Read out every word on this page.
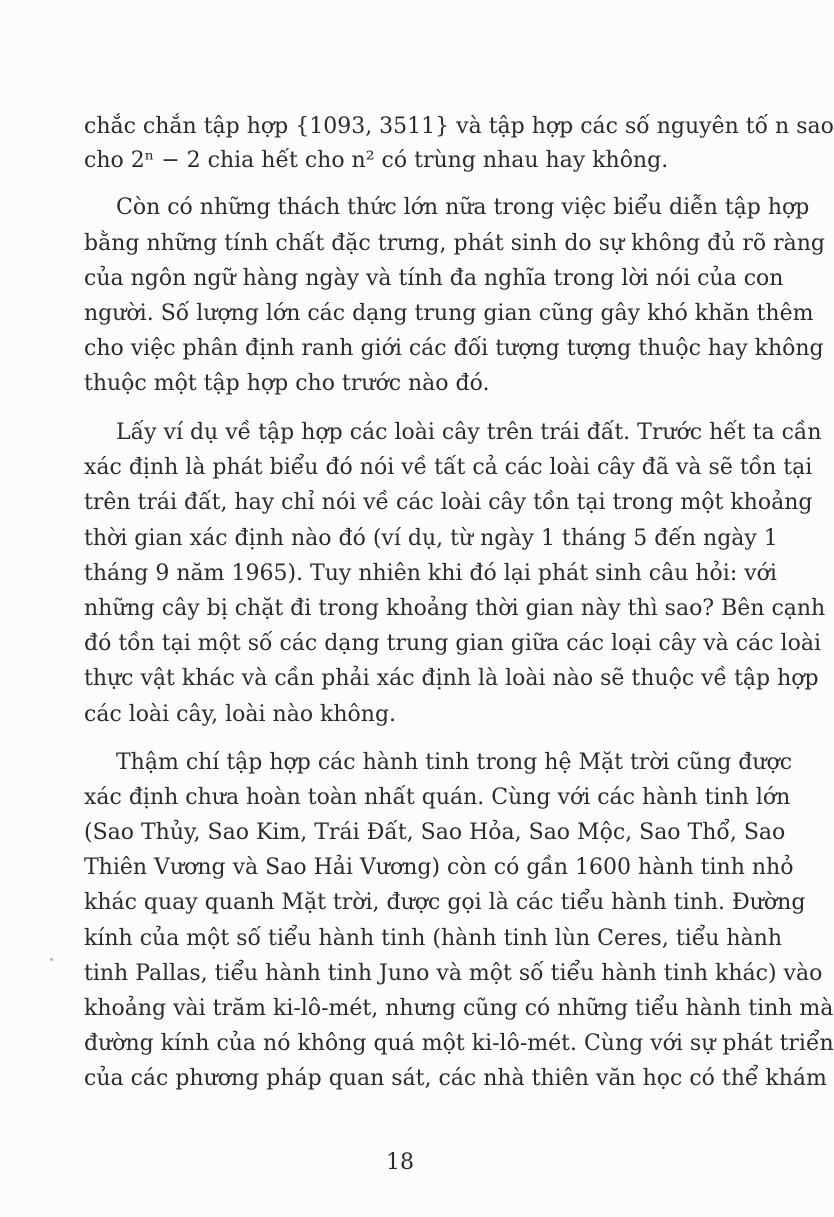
chắc chắn tập hợp {1093, 3511} và tập hợp các số nguyên tố n sao
cho 2ⁿ − 2 chia hết cho n² có trùng nhau hay không.
Còn có những thách thức lớn nữa trong việc biểu diễn tập hợp
bằng những tính chất đặc trưng, phát sinh do sự không đủ rõ ràng
của ngôn ngữ hàng ngày và tính đa nghĩa trong lời nói của con
người. Số lượng lớn các dạng trung gian cũng gây khó khăn thêm
cho việc phân định ranh giới các đối tượng tượng thuộc hay không
thuộc một tập hợp cho trước nào đó.
Lấy ví dụ về tập hợp các loài cây trên trái đất. Trước hết ta cần
xác định là phát biểu đó nói về tất cả các loài cây đã và sẽ tồn tại
trên trái đất, hay chỉ nói về các loài cây tồn tại trong một khoảng
thời gian xác định nào đó (ví dụ, từ ngày 1 tháng 5 đến ngày 1
tháng 9 năm 1965). Tuy nhiên khi đó lại phát sinh câu hỏi: với
những cây bị chặt đi trong khoảng thời gian này thì sao? Bên cạnh
đó tồn tại một số các dạng trung gian giữa các loại cây và các loài
thực vật khác và cần phải xác định là loài nào sẽ thuộc về tập hợp
các loài cây, loài nào không.
Thậm chí tập hợp các hành tinh trong hệ Mặt trời cũng được
xác định chưa hoàn toàn nhất quán. Cùng với các hành tinh lớn
(Sao Thủy, Sao Kim, Trái Đất, Sao Hỏa, Sao Mộc, Sao Thổ, Sao
Thiên Vương và Sao Hải Vương) còn có gần 1600 hành tinh nhỏ
khác quay quanh Mặt trời, được gọi là các tiểu hành tinh. Đường
kính của một số tiểu hành tinh (hành tinh lùn Ceres, tiểu hành
tinh Pallas, tiểu hành tinh Juno và một số tiểu hành tinh khác) vào
khoảng vài trăm ki-lô-mét, nhưng cũng có những tiểu hành tinh mà
đường kính của nó không quá một ki-lô-mét. Cùng với sự phát triển
của các phương pháp quan sát, các nhà thiên văn học có thể khám
18
